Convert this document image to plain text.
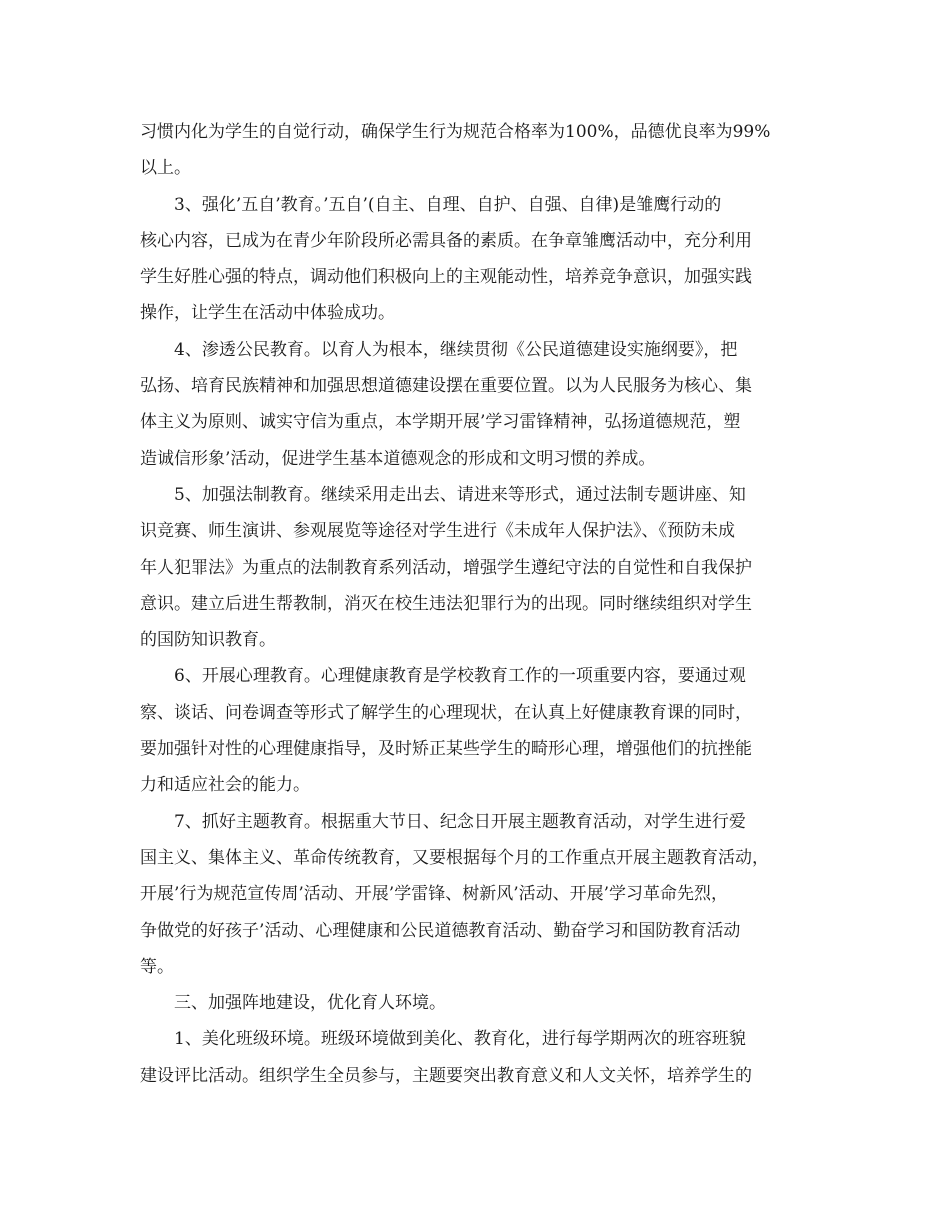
习惯内化为学生的自觉行动，确保学生行为规范合格率为100%，品德优良率为99%
以上。
3、强化’五自’教育。’五自’(自主、自理、自护、自强、自律)是雏鹰行动的
核心内容，已成为在青少年阶段所必需具备的素质。在争章雏鹰活动中，充分利用
学生好胜心强的特点，调动他们积极向上的主观能动性，培养竞争意识，加强实践
操作，让学生在活动中体验成功。
4、渗透公民教育。以育人为根本，继续贯彻《公民道德建设实施纲要》，把
弘扬、培育民族精神和加强思想道德建设摆在重要位置。以为人民服务为核心、集
体主义为原则、诚实守信为重点，本学期开展’学习雷锋精神，弘扬道德规范，塑
造诚信形象’活动，促进学生基本道德观念的形成和文明习惯的养成。
5、加强法制教育。继续采用走出去、请进来等形式，通过法制专题讲座、知
识竞赛、师生演讲、参观展览等途径对学生进行《未成年人保护法》、《预防未成
年人犯罪法》为重点的法制教育系列活动，增强学生遵纪守法的自觉性和自我保护
意识。建立后进生帮教制，消灭在校生违法犯罪行为的出现。同时继续组织对学生
的国防知识教育。
6、开展心理教育。心理健康教育是学校教育工作的一项重要内容，要通过观
察、谈话、问卷调查等形式了解学生的心理现状，在认真上好健康教育课的同时，
要加强针对性的心理健康指导，及时矫正某些学生的畸形心理，增强他们的抗挫能
力和适应社会的能力。
7、抓好主题教育。根据重大节日、纪念日开展主题教育活动，对学生进行爱
国主义、集体主义、革命传统教育，又要根据每个月的工作重点开展主题教育活动，
开展’行为规范宣传周’活动、开展’学雷锋、树新风’活动、开展’学习革命先烈，
争做党的好孩子’活动、心理健康和公民道德教育活动、勤奋学习和国防教育活动
等。
三、加强阵地建设，优化育人环境。
1、美化班级环境。班级环境做到美化、教育化，进行每学期两次的班容班貌
建设评比活动。组织学生全员参与，主题要突出教育意义和人文关怀，培养学生的
